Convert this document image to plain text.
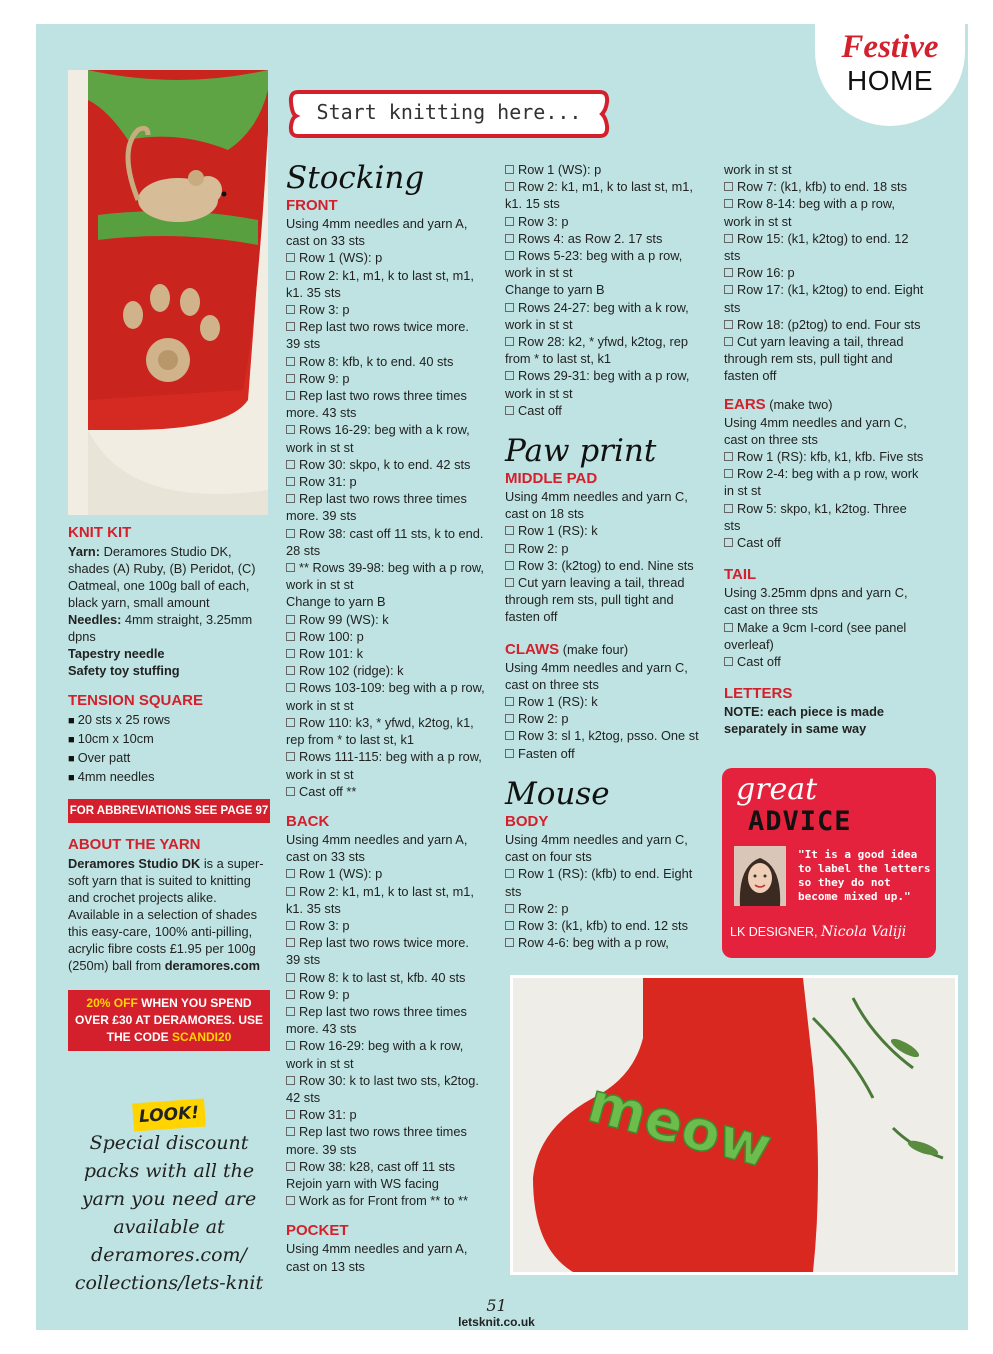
Festive
HOME
KNIT KIT

Yarn: Deramores Studio DK, shades (A) Ruby, (B) Peridot, (C) Oatmeal, one 100g ball of each, black yarn, small amount

Needles: 4mm straight, 3.25mm dpns

Tapestry needle

Safety toy stuffing

TENSION SQUARE

■ 20 sts x 25 rows

■ 10cm x 10cm

■ Over patt

■ 4mm needles

FOR ABBREVIATIONS SEE PAGE 97
ABOUT THE YARN

Deramores Studio DK is a super-soft yarn that is suited to knitting and crochet projects alike. Available in a selection of shades this easy-care, 100% anti-pilling, acrylic fibre costs £1.95 per 100g (250m) ball from deramores.com

20% OFF WHEN YOU SPEND OVER £30 AT DERAMORES. USE THE CODE SCANDI20
LOOK!
Special discount packs with all the yarn you need are available at deramores.com/ collections/lets-knit
Start knitting here...
Stocking
FRONT

Using 4mm needles and yarn A, cast on 33 sts

Row 1 (WS): p

Row 2: k1, m1, k to last st, m1, k1. 35 sts

Row 3: p

Rep last two rows twice more. 39 sts

Row 8: kfb, k to end. 40 sts

Row 9: p

Rep last two rows three times more. 43 sts

Rows 16-29: beg with a k row, work in st st

Row 30: skpo, k to end. 42 sts

Row 31: p

Rep last two rows three times more. 39 sts

Row 38: cast off 11 sts, k to end. 28 sts

** Rows 39-98: beg with a p row, work in st st

Change to yarn B

Row 99 (WS): k

Row 100: p

Row 101: k

Row 102 (ridge): k

Rows 103-109: beg with a p row, work in st st

Row 110: k3, * yfwd, k2tog, k1, rep from * to last st, k1

Rows 111-115: beg with a p row, work in st st

Cast off **

BACK

Using 4mm needles and yarn A, cast on 33 sts

Row 1 (WS): p

Row 2: k1, m1, k to last st, m1, k1. 35 sts

Row 3: p

Rep last two rows twice more. 39 sts

Row 8: k to last st, kfb. 40 sts

Row 9: p

Rep last two rows three times more. 43 sts

Row 16-29: beg with a k row, work in st st

Row 30: k to last two sts, k2tog. 42 sts

Row 31: p

Rep last two rows three times more. 39 sts

Row 38: k28, cast off 11 sts

Rejoin yarn with WS facing

Work as for Front from ** to **

POCKET

Using 4mm needles and yarn A, cast on 13 sts

Row 1 (WS): p

Row 2: k1, m1, k to last st, m1, k1. 15 sts

Row 3: p

Rows 4: as Row 2. 17 sts

Rows 5-23: beg with a p row, work in st st

Change to yarn B

Rows 24-27: beg with a k row, work in st st

Row 28: k2, * yfwd, k2tog, rep from * to last st, k1

Rows 29-31: beg with a p row, work in st st

Cast off

Paw print
MIDDLE PAD

Using 4mm needles and yarn C, cast on 18 sts

Row 1 (RS): k

Row 2: p

Row 3: (k2tog) to end. Nine sts

Cut yarn leaving a tail, thread through rem sts, pull tight and fasten off

CLAWS (make four)

Using 4mm needles and yarn C, cast on three sts

Row 1 (RS): k

Row 2: p

Row 3: sl 1, k2tog, psso. One st

Fasten off

Mouse
BODY

Using 4mm needles and yarn C, cast on four sts

Row 1 (RS): (kfb) to end. Eight sts

Row 2: p

Row 3: (k1, kfb) to end. 12 sts

Row 4-6: beg with a p row,

work in st st

Row 7: (k1, kfb) to end. 18 sts

Row 8-14: beg with a p row, work in st st

Row 15: (k1, k2tog) to end. 12 sts

Row 16: p

Row 17: (k1, k2tog) to end. Eight sts

Row 18: (p2tog) to end. Four sts

Cut yarn leaving a tail, thread through rem sts, pull tight and fasten off

EARS (make two)

Using 4mm needles and yarn C, cast on three sts

Row 1 (RS): kfb, k1, kfb. Five sts

Row 2-4: beg with a p row, work in st st

Row 5: skpo, k1, k2tog. Three sts

Cast off

TAIL

Using 3.25mm dpns and yarn C, cast on three sts

Make a 9cm I-cord (see panel overleaf)

Cast off

LETTERS

NOTE: each piece is made separately in same way

great
ADVICE
"It is a good idea to label the letters so they do not become mixed up."
LK DESIGNER, Nicola Valiji
meow
51
letsknit.co.uk
